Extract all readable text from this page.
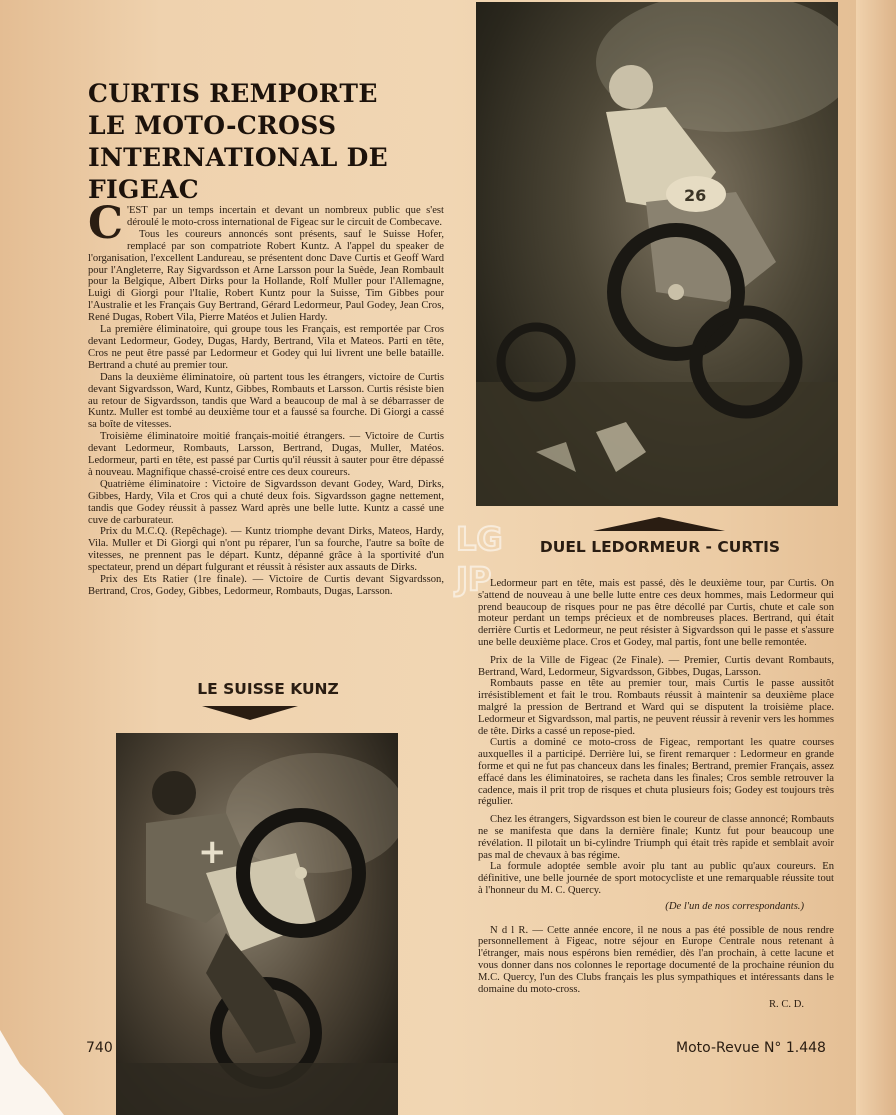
CURTIS REMPORTE LE MOTO-CROSS INTERNATIONAL DE FIGEAC

C 'EST par un temps incertain et devant un nombreux public que s'est déroulé le moto-cross international de Figeac sur le circuit de Combecave.

Tous les coureurs annoncés sont présents, sauf le Suisse Hofer, remplacé par son compatriote Robert Kuntz. A l'appel du speaker de l'organisation, l'excellent Landureau, se présentent donc Dave Curtis et Geoff Ward pour l'Angleterre, Ray Sigvardsson et Arne Larsson pour la Suède, Jean Rombault pour la Belgique, Albert Dirks pour la Hollande, Rolf Muller pour l'Allemagne, Luigi di Giorgi pour l'Italie, Robert Kuntz pour la Suisse, Tim Gibbes pour l'Australie et les Français Guy Bertrand, Gérard Ledormeur, Paul Godey, Jean Cros, René Dugas, Robert Vila, Pierre Matéos et Julien Hardy.

La première éliminatoire, qui groupe tous les Français, est remportée par Cros devant Ledormeur, Godey, Dugas, Hardy, Bertrand, Vila et Mateos. Parti en tête, Cros ne peut être passé par Ledormeur et Godey qui lui livrent une belle bataille. Bertrand a chuté au premier tour.

Dans la deuxième éliminatoire, où partent tous les étrangers, victoire de Curtis devant Sigvardsson, Ward, Kuntz, Gibbes, Rombauts et Larsson. Curtis résiste bien au retour de Sigvardsson, tandis que Ward a beaucoup de mal à se débarrasser de Kuntz. Muller est tombé au deuxième tour et a faussé sa fourche. Di Giorgi a cassé sa boîte de vitesses.

Troisième éliminatoire moitié français-moitié étrangers. — Victoire de Curtis devant Ledormeur, Rombauts, Larsson, Bertrand, Dugas, Muller, Matéos. Ledormeur, parti en tête, est passé par Curtis qu'il réussit à sauter pour être dépassé à nouveau. Magnifique chassé-croisé entre ces deux coureurs.

Quatrième éliminatoire : Victoire de Sigvardsson devant Godey, Ward, Dirks, Gibbes, Hardy, Vila et Cros qui a chuté deux fois. Sigvardsson gagne nettement, tandis que Godey réussit à passez Ward après une belle lutte. Kuntz a cassé une cuve de carburateur.

Prix du M.C.Q. (Repêchage). — Kuntz triomphe devant Dirks, Mateos, Hardy, Vila. Muller et Di Giorgi qui n'ont pu réparer, l'un sa fourche, l'autre sa boîte de vitesses, ne prennent pas le départ. Kuntz, dépanné grâce à la sportivité d'un spectateur, prend un départ fulgurant et réussit à résister aux assauts de Dirks.

Prix des Ets Ratier (1re finale). — Victoire de Curtis devant Sigvardsson, Bertrand, Cros, Godey, Gibbes, Ledormeur, Rombauts, Dugas, Larsson.

LE SUISSE KUNZ
26
LG
JP
DUEL LEDORMEUR - CURTIS

Ledormeur part en tête, mais est passé, dès le deuxième tour, par Curtis. On s'attend de nouveau à une belle lutte entre ces deux hommes, mais Ledormeur qui prend beaucoup de risques pour ne pas être décollé par Curtis, chute et cale son moteur perdant un temps précieux et de nombreuses places. Bertrand, qui était derrière Curtis et Ledormeur, ne peut résister à Sigvardsson qui le passe et s'assure une belle deuxième place. Cros et Godey, mal partis, font une belle remontée.

Prix de la Ville de Figeac (2e Finale). — Premier, Curtis devant Rombauts, Bertrand, Ward, Ledormeur, Sigvardsson, Gibbes, Dugas, Larsson.

Rombauts passe en tête au premier tour, mais Curtis le passe aussitôt irrésistiblement et fait le trou. Rombauts réussit à maintenir sa deuxième place malgré la pression de Bertrand et Ward qui se disputent la troisième place. Ledormeur et Sigvardsson, mal partis, ne peuvent réussir à revenir vers les hommes de tête. Dirks a cassé un repose-pied.

Curtis a dominé ce moto-cross de Figeac, remportant les quatre courses auxquelles il a participé. Derrière lui, se firent remarquer : Ledormeur en grande forme et qui ne fut pas chanceux dans les finales; Bertrand, premier Français, assez effacé dans les éliminatoires, se racheta dans les finales; Cros semble retrouver la cadence, mais il prit trop de risques et chuta plusieurs fois; Godey est toujours très régulier.

Chez les étrangers, Sigvardsson est bien le coureur de classe annoncé; Rombauts ne se manifesta que dans la dernière finale; Kuntz fut pour beaucoup une révélation. Il pilotait un bi-cylindre Triumph qui était très rapide et semblait avoir pas mal de chevaux à bas régime.

La formule adoptée semble avoir plu tant au public qu'aux coureurs. En définitive, une belle journée de sport motocycliste et une remarquable réussite tout à l'honneur du M. C. Quercy.

(De l'un de nos correspondants.)

N d l R. — Cette année encore, il ne nous a pas été possible de nous rendre personnellement à Figeac, notre séjour en Europe Centrale nous retenant à l'étranger, mais nous espérons bien remédier, dès l'an prochain, à cette lacune et vous donner dans nos colonnes le reportage documenté de la prochaine réunion du M.C. Quercy, l'un des Clubs français les plus sympathiques et intéressants dans le domaine du moto-cross.

R. C. D.

+
740	Moto-Revue N° 1.448
